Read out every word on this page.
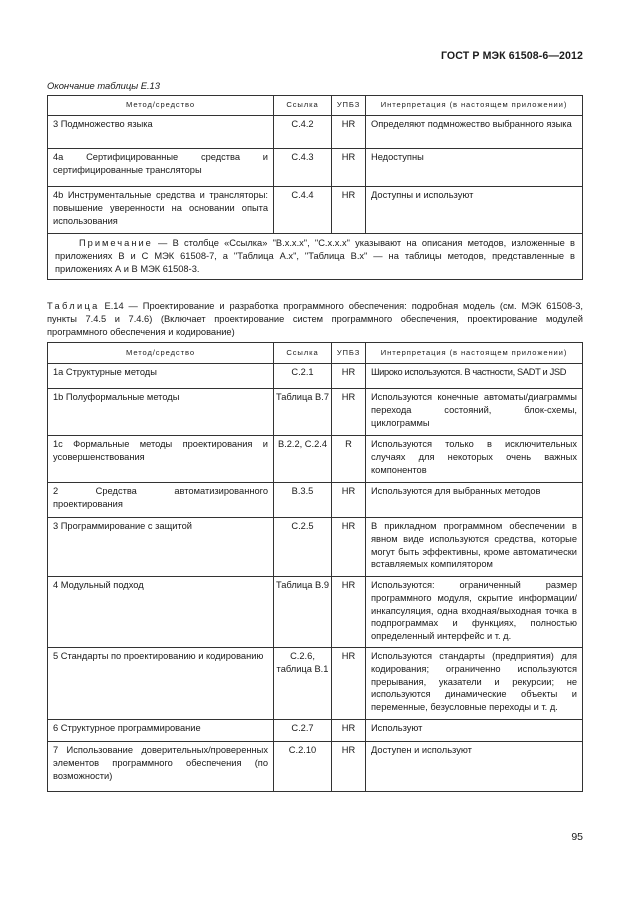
ГОСТ Р МЭК 61508-6—2012
Окончание таблицы Е.13
Метод/средство	Ссылка	УПБЗ	Интерпретация (в настоящем приложении)
3 Подмножество языка	С.4.2	HR	Определяют подмножество выбранного языка
4а Сертифицированные средства и сертифицированные трансляторы	С.4.3	HR	Недоступны
4b Инструментальные средства и трансляторы: повышение уверенности на основании опыта использования	С.4.4	HR	Доступны и используют
Примечание — В столбце «Ссылка» "В.х.х.х", "С.х.х.х" указывают на описания методов, изложенные в приложениях В и С МЭК 61508-7, а "Таблица А.х", "Таблица В.х" — на таблицы методов, представленные в приложениях А и В МЭК 61508-3.			
Таблица Е.14 — Проектирование и разработка программного обеспечения: подробная модель (см. МЭК 61508-3, пункты 7.4.5 и 7.4.6) (Включает проектирование систем программного обеспечения, проектирование модулей программного обеспечения и кодирование)
Метод/средство	Ссылка	УПБЗ	Интерпретация (в настоящем приложении)
1а Структурные методы	С.2.1	HR	Широко используются. В частности, SADT и JSD
1b Полуформальные методы	Таблица В.7	HR	Используются конечные автоматы/диаграммы перехода состояний, блок-схемы, циклограммы
1с Формальные методы проектирования и усовершенствования	В.2.2, С.2.4	R	Используются только в исключительных случаях для некоторых очень важных компонентов
2 Средства автоматизированного проектирования	В.3.5	HR	Используются для выбранных методов
3 Программирование с защитой	С.2.5	HR	В прикладном программном обеспечении в явном виде используются средства, которые могут быть эффективны, кроме автоматически вставляемых компилятором
4 Модульный подход	Таблица В.9	HR	Используются: ограниченный размер программного модуля, скрытие информации/инкапсуляция, одна входная/выходная точка в подпрограммах и функциях, полностью определенный интерфейс и т. д.
5 Стандарты по проектированию и кодированию	С.2.6, таблица В.1	HR	Используются стандарты (предприятия) для кодирования; ограниченно используются прерывания, указатели и рекурсии; не используются динамические объекты и переменные, безусловные переходы и т. д.
6 Структурное программирование	С.2.7	HR	Используют
7 Использование доверительных/проверенных элементов программного обеспечения (по возможности)	С.2.10	HR	Доступен и используют
95
